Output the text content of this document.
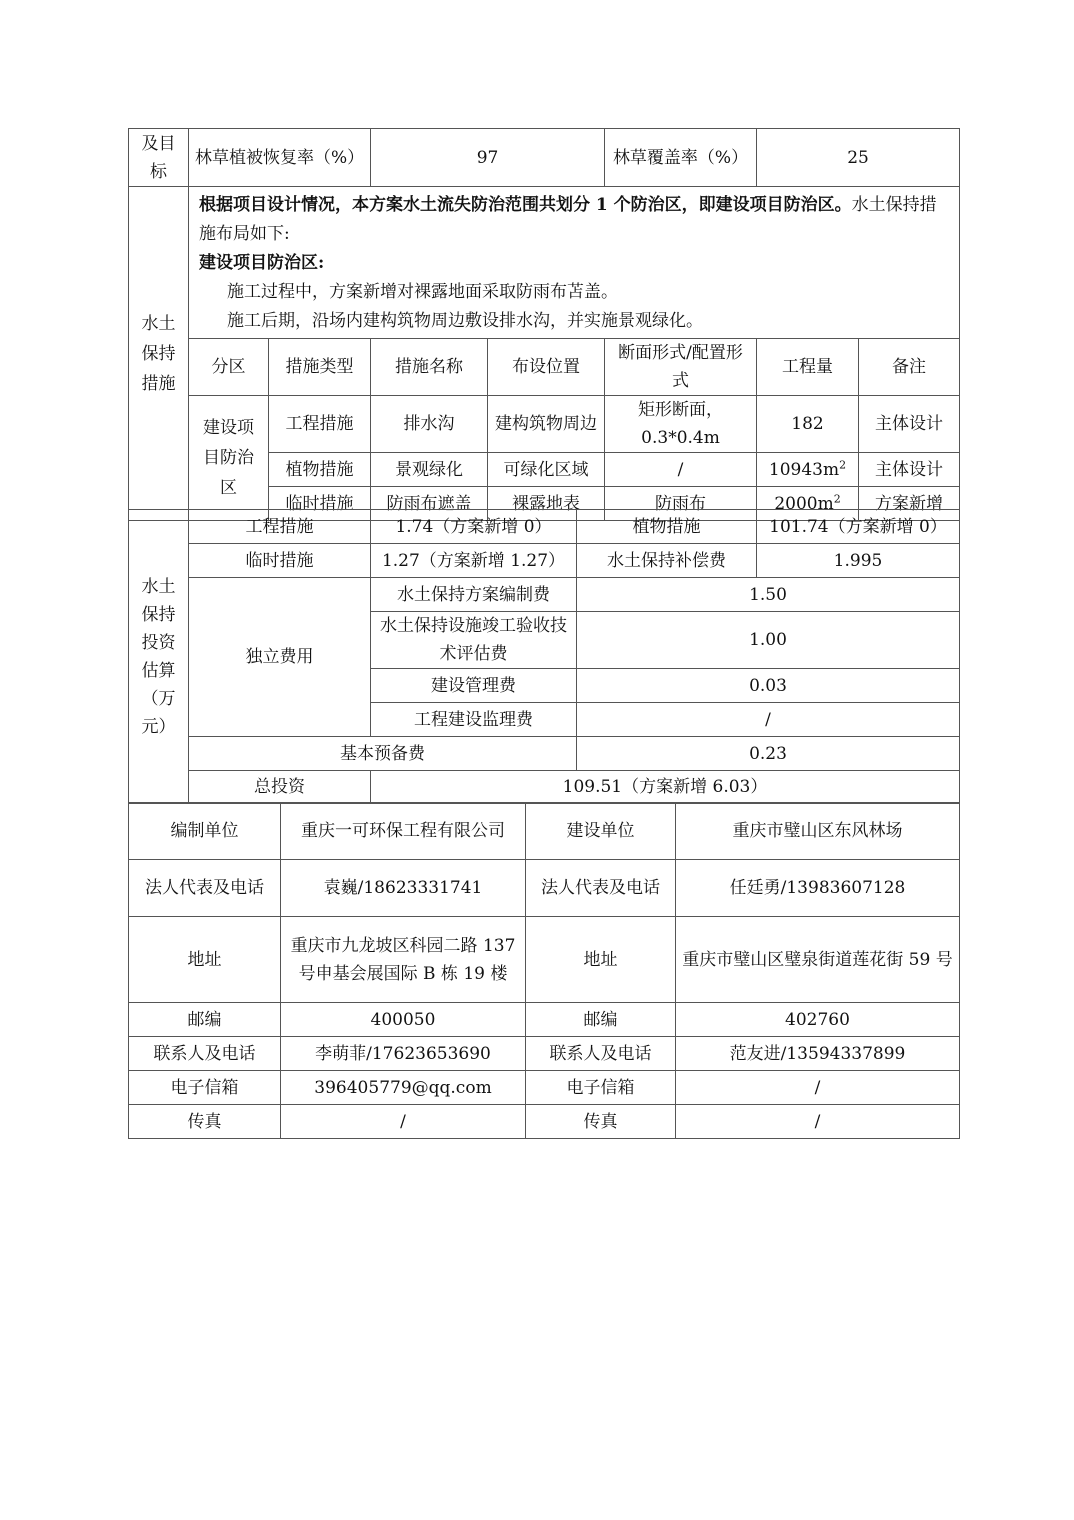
及目标	林草植被恢复率（%）		97		林草覆盖率（%）	25	
水土保持措施	根据项目设计情况，本方案水土流失防治范围共划分 1 个防治区，即建设项目防治区。水土保持措施布局如下:
建设项目防治区:
施工过程中，方案新增对裸露地面采取防雨布苫盖。
施工后期，沿场内建构筑物周边敷设排水沟，并实施景观绿化。						

	分区	措施类型	措施名称	布设位置	断面形式/配置形式	工程量	备注
	建设项目防治区	工程措施	排水沟	建构筑物周边	矩形断面，0.3*0.4m	182	主体设计
		植物措施	景观绿化	可绿化区域	/	$10943m^2$	主体设计
		临时措施	防雨布遮盖	裸露地表	防雨布	$2000m^2$	方案新增
水土保持投资估算（万元）	工程措施	1.74（方案新增 0）	植物措施	101.74（方案新增 0）
	临时措施	1.27（方案新增 1.27）	水土保持补偿费	1.995
	独立费用	水土保持方案编制费	1.50	
		水土保持设施竣工验收技术评估费	1.00	
		建设管理费	0.03	
		工程建设监理费	/	
	基本预备费		0.23	
	总投资	109.51（方案新增 6.03）		
编制单位	重庆一可环保工程有限公司	建设单位	重庆市璧山区东风林场
法人代表及电话	袁巍/18623331741	法人代表及电话	任廷勇/13983607128
地址	重庆市九龙坡区科园二路 137 号申基会展国际 B 栋 19 楼	地址	重庆市璧山区璧泉街道莲花街 59 号
邮编	400050	邮编	402760
联系人及电话	李萌菲/17623653690	联系人及电话	范友进/13594337899
电子信箱	396405779@qq.com	电子信箱	/
传真	/	传真	/
